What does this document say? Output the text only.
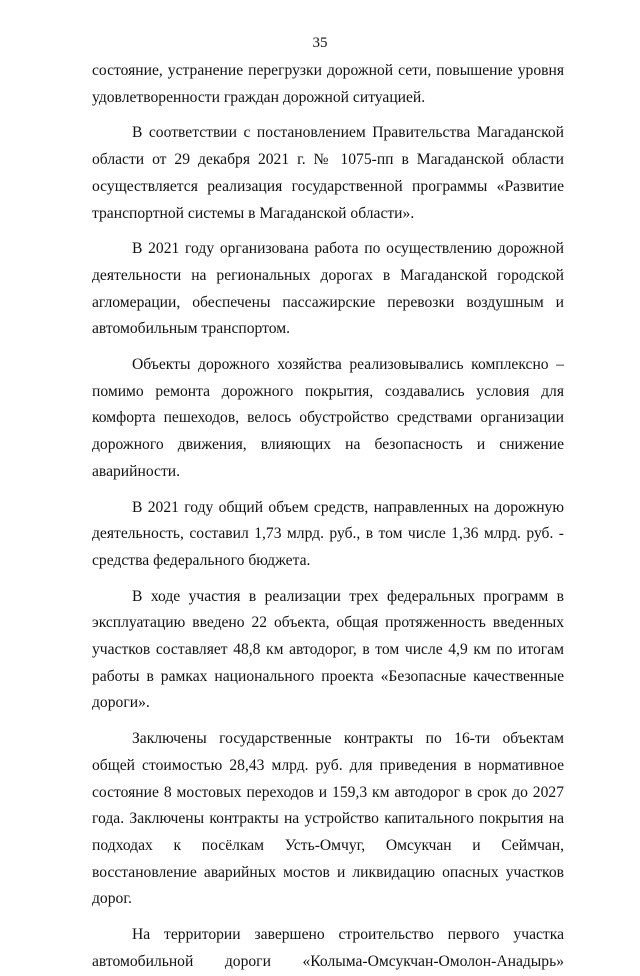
35

состояние, устранение перегрузки дорожной сети, повышение уровня удовлетворенности граждан дорожной ситуацией.

В соответствии с постановлением Правительства Магаданской области от 29 декабря 2021 г. № 1075-пп в Магаданской области осуществляется реализация государственной программы «Развитие транспортной системы в Магаданской области».

В 2021 году организована работа по осуществлению дорожной деятельности на региональных дорогах в Магаданской городской агломерации, обеспечены пассажирские перевозки воздушным и автомобильным транспортом.

Объекты дорожного хозяйства реализовывались комплексно – помимо ремонта дорожного покрытия, создавались условия для комфорта пешеходов, велось обустройство средствами организации дорожного движения, влияющих на безопасность и снижение аварийности.

В 2021 году общий объем средств, направленных на дорожную деятельность, составил 1,73 млрд. руб., в том числе 1,36 млрд. руб. - средства федерального бюджета.

В ходе участия в реализации трех федеральных программ в эксплуатацию введено 22 объекта, общая протяженность введенных участков составляет 48,8 км автодорог, в том числе 4,9 км по итогам работы в рамках национального проекта «Безопасные качественные дороги».

Заключены государственные контракты по 16-ти объектам общей стоимостью 28,43 млрд. руб. для приведения в нормативное состояние 8 мостовых переходов и 159,3 км автодорог в срок до 2027 года. Заключены контракты на устройство капитального покрытия на подходах к посёлкам Усть-Омчуг, Омсукчан и Сеймчан, восстановление аварийных мостов и ликвидацию опасных участков дорог.

На территории завершено строительство первого участка автомобильной дороги «Колыма-Омсукчан-Омолон-Анадырь»
